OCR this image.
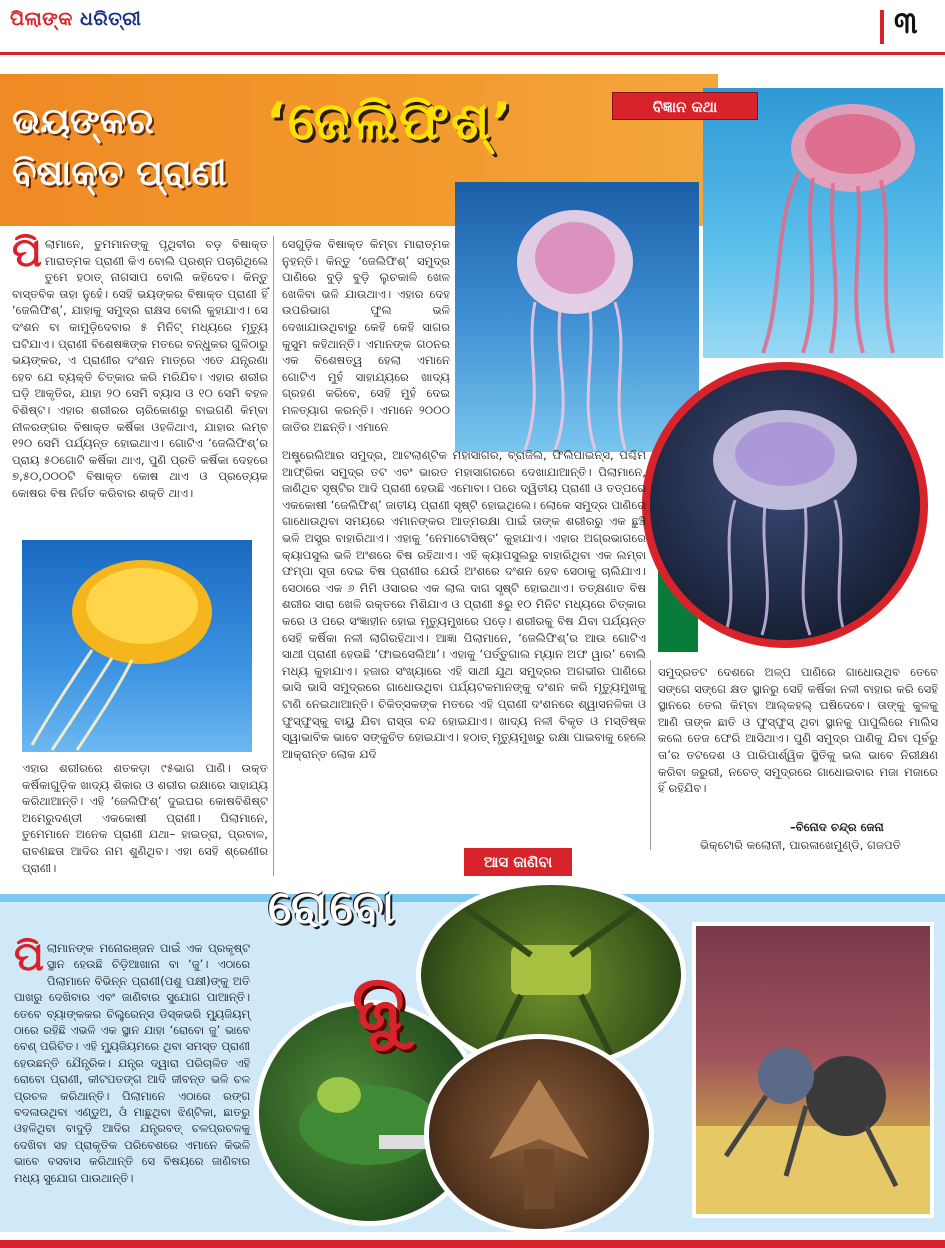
ପିଲାଙ୍କ ଧରିତ୍ରୀ	୩
ଭୟଙ୍କର
ବିଷାକ୍ତ ପ୍ରାଣୀ
‘ଜେଲିଫିଶ୍’	ବିଜ୍ଞାନ କଥା
ପିଲାମାନେ, ତୁମମାନଙ୍କୁ ପୃଥିବୀର ବଡ଼ ବିଷାକ୍ତ ମାରାତ୍ମକ ପ୍ରାଣୀ କିଏ ବୋଲି ପ୍ରଶ୍ନ ପଚାରିଥିଲେ ତୁମେ ହଠାତ୍ ନାଗସାପ ବୋଲି କହିଦେବ। କିନ୍ତୁ ବାସ୍ତବିକ ତାହା ନୁହେଁ। ସେହି ଭୟଙ୍କର ବିଷାକ୍ତ ପ୍ରାଣୀ ହିଁ ‘ଜେଲିଫିଶ୍’, ଯାହାକୁ ସମୁଦ୍ର ରାକ୍ଷସ ବୋଲି କୁହାଯାଏ। ସେ ଦଂଶନ ବା କାମୁଡ଼ିଦେବାର ୫ ମିନିଟ୍ ମଧ୍ୟରେ ମୃତ୍ୟୁ ଘଟିଯାଏ। ପ୍ରାଣୀ ବିଶେଷଜ୍ଞଙ୍କ ମତରେ ବନ୍ଧୁକର ଗୁଳିଠାରୁ ଭୟଙ୍କର, ଏ ପ୍ରାଣୀର ଦଂଶନ ମାତ୍ରେ ଏତେ ଯନ୍ତ୍ରଣା ହେବ ଯେ ବ୍ୟକ୍ତି ଚିତ୍କାର କରି ମରିଯିବ। ଏହାର ଶରୀର ଘଡ଼ି ଆକୃତିର, ଯାହା ୨୦ ସେମି ବ୍ୟାସ ଓ ୧୦ ସେମି ବହଳ ବିଶିଷ୍ଟ। ଏହାର ଶରୀରର ଚାରିକୋଣରୁ ବାଇଗଣି କିମ୍ବା ନୀଳରଙ୍ଗର ବିଷାକ୍ତ କର୍ଷିକା ଓହଳିଥାଏ, ଯାହାର ଲମ୍ବ ୧୨୦ ସେମି ପର୍ଯ୍ୟନ୍ତ ହୋଇଥାଏ। ଗୋଟିଏ ‘ଜେଲିଫିଶ୍’ର ପ୍ରାୟ ୫୦ଗୋଟି କର୍ଷିକା ଥାଏ, ପୁଣି ପ୍ରତି କର୍ଷିକା ଦେହରେ ୭,୫୦,୦୦୦ଟି ବିଷାକ୍ତ କୋଷ ଥାଏ ଓ ପ୍ରତ୍ୟେକ କୋଷର ବିଷ ନିର୍ଗତ କରିବାର ଶକ୍ତି ଥାଏ।
ଏହାର ଶରୀରରେ ଶତକଡ଼ା ୯୫ଭାଗ ପାଣି। ଉକ୍ତ କର୍ଷିକାଗୁଡ଼ିକ ଖାଦ୍ୟ ଶିକାର ଓ ଶରୀର ରକ୍ଷାରେ ସାହାଯ୍ୟ କରିଥାଆନ୍ତି। ଏହି ‘ଜେଲିଫିଶ୍’ ଦୁଇଘର କୋଷବିଶିଷ୍ଟ ଅମେରୁଦଣ୍ଡୀ ଏକକୋଷୀ ପ୍ରାଣୀ। ପିଲାମାନେ, ତୁମେମାନେ ଅନେକ ପ୍ରାଣୀ ଯଥା– ହାଇଡ୍ରା, ପ୍ରବାଳ, ରାବଣଛତା ଆଦିର ନାମ ଶୁଣିଥିବ। ଏହା ସେହି ଶ୍ରେଣୀର ପ୍ରାଣୀ।
ସେଗୁଡ଼ିକ ବିଷାକ୍ତ କିମ୍ବା ମାରାତ୍ମକ ନୁହନ୍ତି। କିନ୍ତୁ ‘ଜେଲିଫିଶ୍’ ସମୁଦ୍ର ପାଣିରେ ବୁଡ଼ି ବୁଡ଼ି ଲୁଚକାଳି ଖେଳ ଖେଳିବା ଭଳି ଯାଉଥାଏ। ଏହାର ଦେହ ଉପରିଭାଗ ଫୁଲ ଭଳି ଦେଖାଯାଉଥିବାରୁ କେହି କେହି ସାଗର କୁସୁମ କହିଥାନ୍ତି। ଏମାନଙ୍କ ଗଠନର ଏକ ବିଶେଷତ୍ୱ ହେଲା ଏମାନେ ଗୋଟିଏ ମୁହଁ ସାହାଯ୍ୟରେ ଖାଦ୍ୟ ଗ୍ରହଣ କରିବେ, ସେହି ମୁହଁ ଦେଇ ମଳତ୍ୟାଗ କରନ୍ତି। ଏମାନେ ୨୦୦୦ ଜାତିର ଅଛନ୍ତି। ଏମାନେ
ଅଷ୍ଟ୍ରେଲିଆର ସମୁଦ୍ର, ଆଟଲାଣ୍ଟିକ ମହାସାଗର, ବ୍ରାଜିଲ, ଫିଲିପାଇନ୍ସ, ପଶ୍ଚିମ ଆଫ୍ରିକା ସମୁଦ୍ର ତଟ ଏବଂ ଭାରତ ମହାସାଗରରେ ଦେଖାଯାଆନ୍ତି। ପିଲାମାନେ, ଜାଣିଥିବ ସୃଷ୍ଟିର ଆଦି ପ୍ରାଣୀ ହେଉଛି ଏମୋବା। ପରେ ଦ୍ୱିତୀୟ ପ୍ରାଣୀ ଓ ତତ୍ପରେ ଏକକୋଷୀ ‘ଜେଲିଫିଶ୍’ ଜାତୀୟ ପ୍ରାଣୀ ସୃଷ୍ଟି ହୋଇଥିଲେ। ଲୋକେ ସମୁଦ୍ର ପାଣିରେ ଗାଧୋଉଥିବା ସମୟରେ ଏମାନଙ୍କର ଆତ୍ମରକ୍ଷା ପାଇଁ ତାଙ୍କ ଶରୀରରୁ ଏକ ଛୁଞ୍ଚି ଭଳି ଅସ୍ତ୍ର ବାହାରିଥାଏ। ଏହାକୁ ‘ନେମାଟୋସିଷ୍ଟ’ କୁହାଯାଏ। ଏହାର ଅଗ୍ରଭାଗରେ କ୍ୟାପସୁଲ ଭଳି ଅଂଶରେ ବିଷ ରହିଥାଏ। ଏହି କ୍ୟାପସୁଲରୁ ବାହାରିଥିବା ଏକ ଲମ୍ବା ଫମ୍ପା ସୂତା ଦେଇ ବିଷ ପ୍ରାଣୀର ଯେଉଁ ଅଂଶରେ ଦଂଶନ ହେବ ସେଠାକୁ ଚାଲିଯାଏ। ସେଠାରେ ଏକ ୬ ମିମି ଓସାରର ଏକ ଲାଲ ଦାଗ ସୃଷ୍ଟି ହୋଇଥାଏ। ତତ୍‌କ୍ଷଣାତ ବିଷ ଶରୀର ସାରା ଖେଳି ରକ୍ତରେ ମିଶିଯାଏ ଓ ପ୍ରାଣୀ ୫ରୁ ୧୦ ମିନିଟ ମଧ୍ୟରେ ଚିତ୍କାର କରେ ଓ ପରେ ସଂଜ୍ଞାହୀନ ହୋଇ ମୃତ୍ୟୁମୁଖରେ ପଡ଼େ। ଶରୀରକୁ ବିଷ ଯିବା ପର୍ଯ୍ୟନ୍ତ ସେହି କର୍ଷିକା ନଳୀ ଲାଗିରହିଥାଏ। ଆଜ୍ଞା ପିଲାମାନେ, ‘ଜେଲିଫିଶ୍’ର ଆଉ ଗୋଟିଏ ସାଥୀ ପ୍ରାଣୀ ହେଉଛି ‘ଫାଇସେଲିଆ’। ଏହାକୁ ‘ପର୍ତ୍ତୁଗାଲ ମ୍ୟାନ ଅଫ ୱାର’ ବୋଲି ମଧ୍ୟ କୁହାଯାଏ। ହଜାର ସଂଖ୍ୟାରେ ଏହି ସାଥୀ ଯୁଥ ସମୁଦ୍ରର ଅଗଭୀର ପାଣିରେ ଭାସି ଭାସି ସମୁଦ୍ରରେ ଗାଧୋଉଥିବା ପର୍ଯ୍ୟଟକମାନଙ୍କୁ ଦଂଶନ କରି ମୃତ୍ୟୁମୁଖକୁ ଟାଣି ନେଇଥାଆନ୍ତି। ଚିକିତ୍ସକଙ୍କ ମତରେ ଏହି ପ୍ରାଣୀ ଦଂଶନରେ ଶ୍ୱାସନଳିକା ଓ ଫୁସ୍‌ଫୁସ୍‌କୁ ବାୟୁ ଯିବା ରାସ୍ତା ବନ୍ଦ ହୋଇଯାଏ। ଖାଦ୍ୟ ନଳୀ ବିକୃତ ଓ ମସ୍ତିଷ୍କ ସ୍ୱାଭାବିକ ଭାବେ ସଙ୍କୁଚିତ ହୋଇଯାଏ। ହଠାତ୍ ମୃତ୍ୟୁମୁଖରୁ ରକ୍ଷା ପାଇବାକୁ ହେଲେ ଆକ୍ରାନ୍ତ ଲୋକ ଯଦି
ସମୁଦ୍ରତଟ ଦେଶରେ ଅଳ୍ପ ପାଣିରେ ଗାଧୋଉଥିବ ତେବେ ସଙ୍ଗେ ସଙ୍ଗେ କ୍ଷତ ସ୍ଥାନରୁ ସେହି କର୍ଷିକା ନଳୀ ବାହାର କରି ସେହି ସ୍ଥାନରେ ତେଲ କିମ୍ବା ଆଲ୍‌କହଲ୍ ଘଷିଦେବେ। ତାଙ୍କୁ କୁଳକୁ ଆଣି ତାଙ୍କ ଛାତି ଓ ଫୁସ୍‌ଫୁସ୍ ଥିବା ସ୍ଥାନକୁ ପାପୁଲିରେ ମାଲିସ କଲେ ତେଜ ଫେରି ଆସିଥାଏ। ପୁଣି ସମୁଦ୍ର ପାଣିକୁ ଯିବା ପୂର୍ବରୁ ତା’ର ତଟଦେଶ ଓ ପାରିପାର୍ଶ୍ୱିକ ସ୍ଥିତିକୁ ଭଲ ଭାବେ ନିରୀକ୍ଷଣ କରିବା ଜରୁରୀ, ନଚେତ୍ ସମୁଦ୍ରରେ ଗାଧୋଇବାର ମଜା ମଜାରେ ହିଁ ରହିଯିବ।
–ବିନୋଦ ଚନ୍ଦ୍ର ଜେନା
ଭିକ୍ଟୋରି କଲୋନୀ, ପାରଳାଖେମୁଣ୍ଡି, ଗଜପତି
ଆସ ଜାଣିବା
ରୋବୋ
ଜୁ
ପିଲାମାନଙ୍କ ମନୋରଞ୍ଜନ ପାଇଁ ଏକ ପ୍ରକୃଷ୍ଟ ସ୍ଥାନ ହେଉଛି ଚିଡ଼ିଆଖାନା ବା ‘ଜୁ’। ଏଠାରେ ପିଲାମାନେ ବିଭିନ୍ନ ପ୍ରାଣୀ(ପଶୁ ପକ୍ଷୀ)ଙ୍କୁ ଅତି ପାଖରୁ ଦେଖିବାର ଏବଂ ଜାଣିବାର ସୁଯୋଗ ପାଆନ୍ତି। ତେବେ ବ୍ୟାଙ୍କକର ଚିଲ୍ଡ୍ରେନ୍ସ ଡିସ୍କଭରି ମ୍ୟୁଜିୟମ୍ ଠାରେ ରହିଛି ଏଭଳି ଏକ ସ୍ଥାନ ଯାହା ‘ରୋବୋ ଜୁ’ ଭାବେ ବେଶ୍ ପରିଚିତ। ଏହି ମ୍ୟୁଜିୟମରେ ଥିବା ସମସ୍ତ ପ୍ରାଣୀ ହେଉଛନ୍ତି ଯୈନ୍ତ୍ରିକ। ଯନ୍ତ୍ର ଦ୍ୱାରା ପରିଚାଳିତ ଏହି ରୋବୋ ପ୍ରାଣୀ, କୀଟପତଙ୍ଗ ଆଦି ଜୀବନ୍ତ ଭଳି ଚଳ ପ୍ରଚଳ କରିଥାନ୍ତି। ପିଲାମାନେ ଏଠାରେ ରଙ୍ଗ ବଦଳାଉଥିବା ଏଣ୍ଡୁଅ, ଓଁ ମାଛୁଥିବା ଝିଣ୍ଟିକା, ଛାତରୁ ଓହଳିଥିବା ବାଦୁଡ଼ି ଆଦିର ଯନ୍ତ୍ରବତ୍ ଚଳପ୍ରଚଳକୁ ଦେଖିବା ସହ ପ୍ରାକୃତିକ ପରିବେଶରେ ଏମାନେ କିଭଳି ଭାବେ ବସବାସ କରିଥାନ୍ତି ସେ ବିଷୟରେ ଜାଣିବାର ମଧ୍ୟ ସୁଯୋଗ ପାଉଥାନ୍ତି।
